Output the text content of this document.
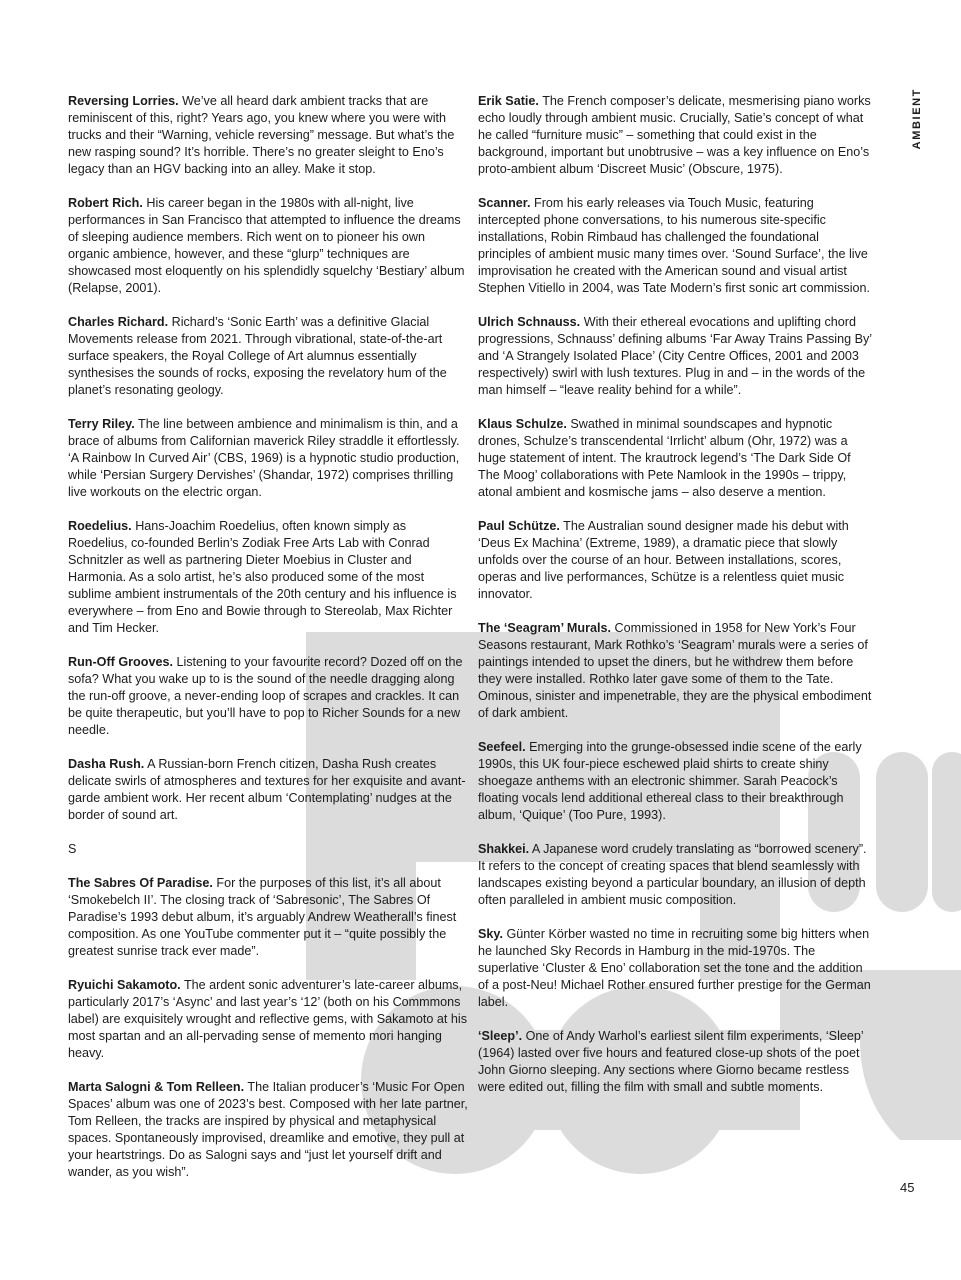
AMBIENT

Reversing Lorries. We’ve all heard dark ambient tracks that are reminiscent of this, right? Years ago, you knew where you were with trucks and their “Warning, vehicle reversing” message. But what’s the new rasping sound? It’s horrible. There’s no greater sleight to Eno’s legacy than an HGV backing into an alley. Make it stop.

Robert Rich. His career began in the 1980s with all-night, live performances in San Francisco that attempted to influence the dreams of sleeping audience members. Rich went on to pioneer his own organic ambience, however, and these “glurp” techniques are showcased most eloquently on his splendidly squelchy ‘Bestiary’ album (Relapse, 2001).

Charles Richard. Richard’s ‘Sonic Earth’ was a definitive Glacial Movements release from 2021. Through vibrational, state-of-the-art surface speakers, the Royal College of Art alumnus essentially synthesises the sounds of rocks, exposing the revelatory hum of the planet’s resonating geology.

Terry Riley. The line between ambience and minimalism is thin, and a brace of albums from Californian maverick Riley straddle it effortlessly. ‘A Rainbow In Curved Air’ (CBS, 1969) is a hypnotic studio production, while ‘Persian Surgery Dervishes’ (Shandar, 1972) comprises thrilling live workouts on the electric organ.

Roedelius. Hans-Joachim Roedelius, often known simply as Roedelius, co-founded Berlin’s Zodiak Free Arts Lab with Conrad Schnitzler as well as partnering Dieter Moebius in Cluster and Harmonia. As a solo artist, he’s also produced some of the most sublime ambient instrumentals of the 20th century and his influence is everywhere – from Eno and Bowie through to Stereolab, Max Richter and Tim Hecker.

Run-Off Grooves. Listening to your favourite record? Dozed off on the sofa? What you wake up to is the sound of the needle dragging along the run-off groove, a never-ending loop of scrapes and crackles. It can be quite therapeutic, but you’ll have to pop to Richer Sounds for a new needle.

Dasha Rush. A Russian-born French citizen, Dasha Rush creates delicate swirls of atmospheres and textures for her exquisite and avant-garde ambient work. Her recent album ‘Contemplating’ nudges at the border of sound art.

S

The Sabres Of Paradise. For the purposes of this list, it’s all about ‘Smokebelch II’. The closing track of ‘Sabresonic’, The Sabres Of Paradise’s 1993 debut album, it’s arguably Andrew Weatherall’s finest composition. As one YouTube commenter put it – “quite possibly the greatest sunrise track ever made”.

Ryuichi Sakamoto. The ardent sonic adventurer’s late-career albums, particularly 2017’s ‘Async’ and last year’s ‘12’ (both on his Commmons label) are exquisitely wrought and reflective gems, with Sakamoto at his most spartan and an all-pervading sense of memento mori hanging heavy.

Marta Salogni & Tom Relleen. The Italian producer’s ‘Music For Open Spaces’ album was one of 2023’s best. Composed with her late partner, Tom Relleen, the tracks are inspired by physical and metaphysical spaces. Spontaneously improvised, dreamlike and emotive, they pull at your heartstrings. Do as Salogni says and “just let yourself drift and wander, as you wish”.

Erik Satie. The French composer’s delicate, mesmerising piano works echo loudly through ambient music. Crucially, Satie’s concept of what he called “furniture music” – something that could exist in the background, important but unobtrusive – was a key influence on Eno’s proto-ambient album ‘Discreet Music’ (Obscure, 1975).

Scanner. From his early releases via Touch Music, featuring intercepted phone conversations, to his numerous site-specific installations, Robin Rimbaud has challenged the foundational principles of ambient music many times over. ‘Sound Surface’, the live improvisation he created with the American sound and visual artist Stephen Vitiello in 2004, was Tate Modern’s first sonic art commission.

Ulrich Schnauss. With their ethereal evocations and uplifting chord progressions, Schnauss’ defining albums ‘Far Away Trains Passing By’ and ‘A Strangely Isolated Place’ (City Centre Offices, 2001 and 2003 respectively) swirl with lush textures. Plug in and – in the words of the man himself – “leave reality behind for a while”.

Klaus Schulze. Swathed in minimal soundscapes and hypnotic drones, Schulze’s transcendental ‘Irrlicht’ album (Ohr, 1972) was a huge statement of intent. The krautrock legend’s ‘The Dark Side Of The Moog’ collaborations with Pete Namlook in the 1990s – trippy, atonal ambient and kosmische jams – also deserve a mention.

Paul Schütze. The Australian sound designer made his debut with ‘Deus Ex Machina’ (Extreme, 1989), a dramatic piece that slowly unfolds over the course of an hour. Between installations, scores, operas and live performances, Schütze is a relentless quiet music innovator.

The ‘Seagram’ Murals. Commissioned in 1958 for New York’s Four Seasons restaurant, Mark Rothko’s ‘Seagram’ murals were a series of paintings intended to upset the diners, but he withdrew them before they were installed. Rothko later gave some of them to the Tate. Ominous, sinister and impenetrable, they are the physical embodiment of dark ambient.

Seefeel. Emerging into the grunge-obsessed indie scene of the early 1990s, this UK four-piece eschewed plaid shirts to create shiny shoegaze anthems with an electronic shimmer. Sarah Peacock’s floating vocals lend additional ethereal class to their breakthrough album, ‘Quique’ (Too Pure, 1993).

Shakkei. A Japanese word crudely translating as “borrowed scenery”. It refers to the concept of creating spaces that blend seamlessly with landscapes existing beyond a particular boundary, an illusion of depth often paralleled in ambient music composition.

Sky. Günter Körber wasted no time in recruiting some big hitters when he launched Sky Records in Hamburg in the mid-1970s. The superlative ‘Cluster & Eno’ collaboration set the tone and the addition of a post-Neu! Michael Rother ensured further prestige for the German label.

‘Sleep’. One of Andy Warhol’s earliest silent film experiments, ‘Sleep’ (1964) lasted over five hours and featured close-up shots of the poet John Giorno sleeping. Any sections where Giorno became restless were edited out, filling the film with small and subtle moments.

45
